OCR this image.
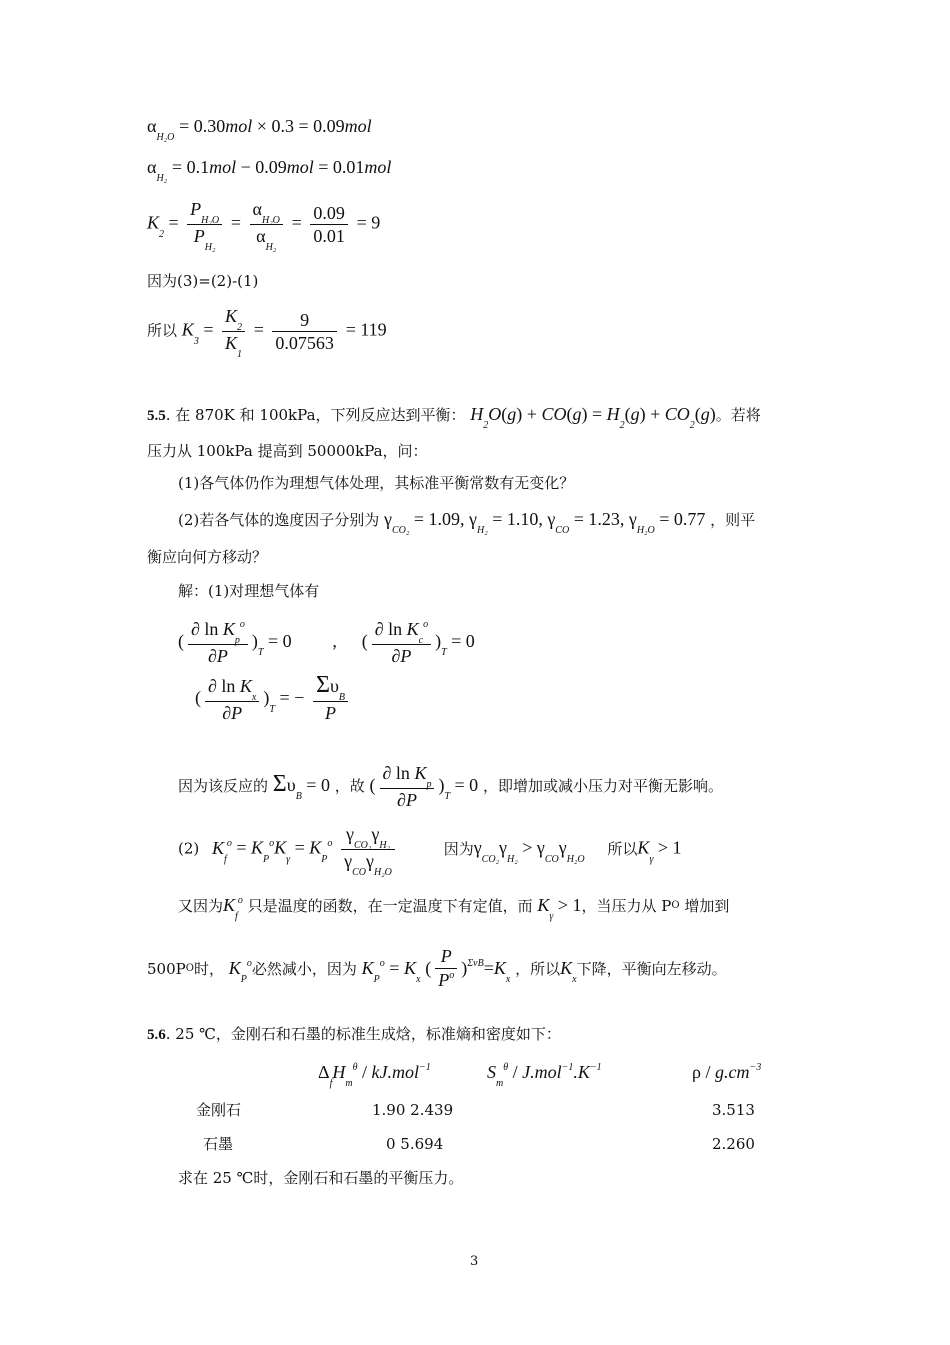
$\alpha_{H_2O} = 0.30mol \times 0.3 = 0.09mol$
$\alpha_{H_2} = 0.1mol - 0.09mol = 0.01mol$
$K_2 = \frac{P_{H_2O}}{P_{H_2}} = \frac{\alpha_{H_2O}}{\alpha_{H_2}} = \frac{0.09}{0.01} = 9$
因为(3)=(2)-(1)
所以 $K_3 = \frac{K_2}{K_1} = \frac{9}{0.07563} = 119$
5.5. 在 870K 和 100kPa，下列反应达到平衡： $H_2O(g) + CO(g) = H_2(g) + CO_2(g)$。若将
压力从 100kPa 提高到 50000kPa，问：
(1)各气体仍作为理想气体处理，其标准平衡常数有无变化？
(2)若各气体的逸度因子分别为 $\gamma_{CO_2} = 1.09$, $\gamma_{H_2} = 1.10$, $\gamma_{CO} = 1.23$, $\gamma_{H_2O} = 0.77$ ，则平
衡应向何方移动？
解：(1)对理想气体有
( $\frac{\partial \ln K_p^o}{\partial P} )_T = 0$ , ( $\frac{\partial \ln K_c^o}{\partial P} )_T = 0$
( $\frac{\partial \ln K_x}{\partial P} )_T$ = − $\frac{\Sigma\upsilon_B}{P}$
因为该反应的 $\Sigma\upsilon_B = 0$ ，故 ( $\frac{\partial \ln K_p}{\partial P} )_T = 0$ ，即增加或减小压力对平衡无影响。
(2) $K_f^o = K_P^oK_\gamma = K_P^o \frac{\gamma_{CO_2}\gamma_{H_2}}{\gamma_{CO}\gamma_{H_2O}}$	因为$\gamma_{CO_2}\gamma_{H_2} > \gamma_{CO}\gamma_{H_2O}$ 所以$K_\gamma > 1$
又因为$K_f^o$ 只是温度的函数，在一定温度下有定值，而 $K_\gamma > 1$，当压力从 $P^O$ 增加到
$500P^O$时， $K_P^o$必然减小，因为 $K_P^o = K_x$ ( $\frac{P}{P^o} )^{\Sigma\nu B}=K_x$ ，所以$K_x$下降，平衡向左移动。
5.6. 25 ℃，金刚石和石墨的标准生成焓，标准熵和密度如下：
$\Delta_fH_m^\theta / kJ.mol^{-1}$	$S_m^\theta / J.mol^{-1}.K^{-1}$	ρ / $g.cm^{-3}$
金刚石	1.90 2.439	3.513
石墨	0 5.694	2.260
求在 25 ℃时，金刚石和石墨的平衡压力。
3
